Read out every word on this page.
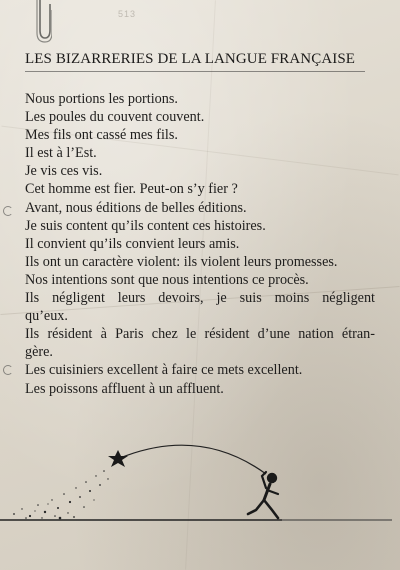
513
LES BIZARRERIES DE LA LANGUE FRANÇAISE
Nous portions les portions.
Les poules du couvent couvent.
Mes fils ont cassé mes fils.
Il est à l’Est.
Je vis ces vis.
Cet homme est fier. Peut-on s’y fier ?
Avant, nous éditions de belles éditions.
Je suis content qu’ils content ces histoires.
Il convient qu’ils convient leurs amis.
Ils ont un caractère violent: ils violent leurs promesses.
Nos intentions sont que nous intentions ce procès.
Ils négligent leurs devoirs, je suis moins négligent
qu’eux.
Ils résident à Paris chez le résident d’une nation étran-
gère.
Les cuisiniers excellent à faire ce mets excellent.
Les poissons affluent à un affluent.
